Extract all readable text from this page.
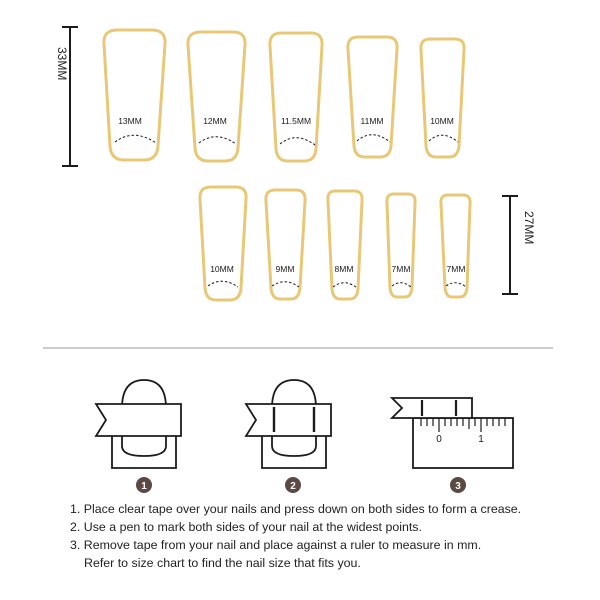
33MM
13MM	12MM	11.5MM	11MM	10MM
10MM	9MM	8MM	7MM	7MM
27MM
1	2
0	1
3
1. Place clear tape over your nails and press down on both sides to form a crease.
2. Use a pen to mark both sides of your nail at the widest points.
3. Remove tape from your nail and place against a ruler to measure in mm.
Refer to size chart to find the nail size that fits you.
